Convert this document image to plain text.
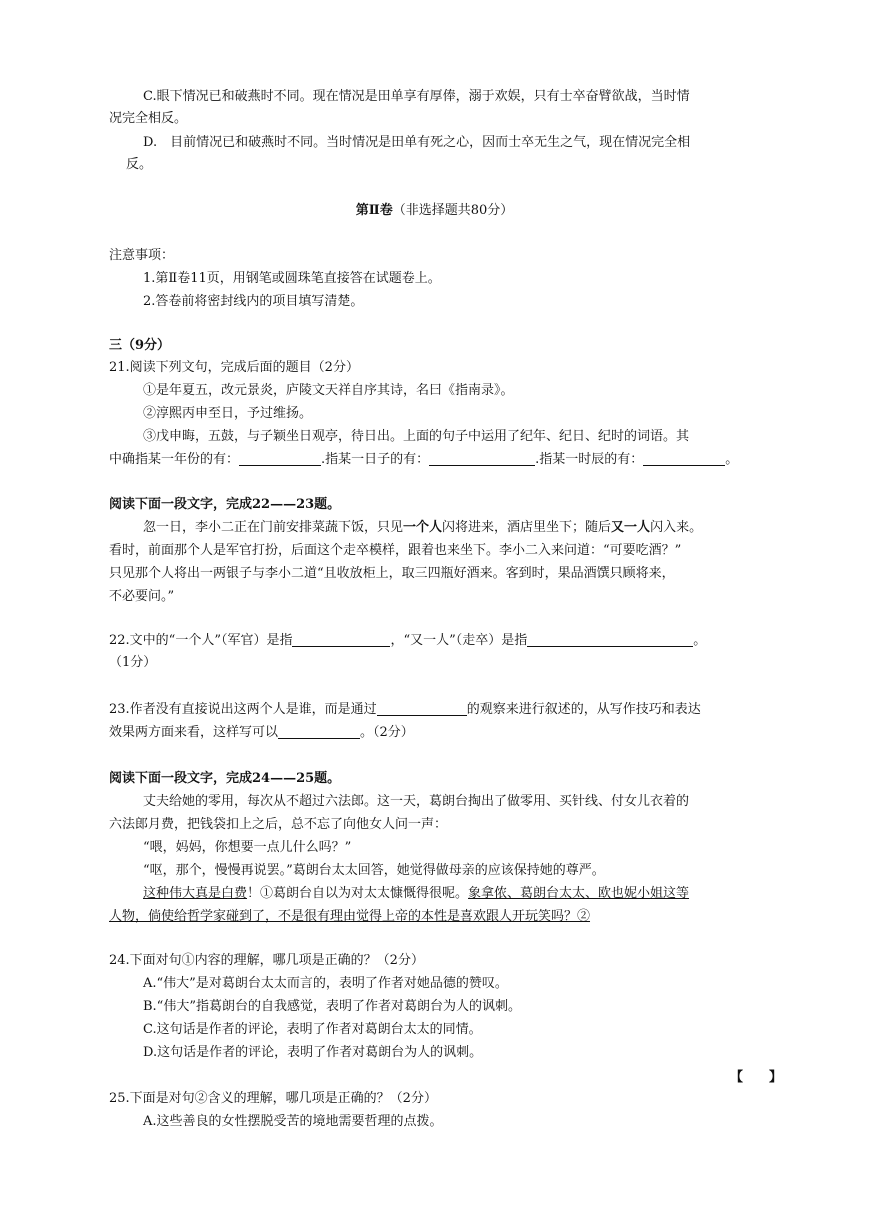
C.眼下情况已和破燕时不同。现在情况是田单享有厚俸，溺于欢娱，只有士卒奋臂欲战，当时情
况完全相反。
D.　目前情况已和破燕时不同。当时情况是田单有死之心，因而士卒无生之气，现在情况完全相
反。
第Ⅱ卷（非选择题共80分）
注意事项：
1.第Ⅱ卷11页，用钢笔或圆珠笔直接答在试题卷上。
2.答卷前将密封线内的项目填写清楚。
三（9分）
21.阅读下列文句，完成后面的题目（2分）
①是年夏五，改元景炎，庐陵文天祥自序其诗，名曰《指南录》。
②淳熙丙申至日，予过维扬。
③戊申晦，五鼓，与子颖坐日观亭，待日出。上面的句子中运用了纪年、纪日、纪时的词语。其
中确指某一年份的有：	.指某一日子的有：	.指某一时辰的有：	。
阅读下面一段文字，完成22——23题。
忽一日，李小二正在门前安排菜蔬下饭，只见一个人闪将进来，酒店里坐下；随后又一人闪入来。
看时，前面那个人是军官打扮，后面这个走卒模样，跟着也来坐下。李小二入来问道：“可要吃酒？”
只见那个人将出一两银子与李小二道“且收放柜上，取三四瓶好酒来。客到时，果品酒馔只顾将来，
不必要问。”
22.文中的“一个人”（军官）是指	，“又一人”（走卒）是指	。
（1分）
23.作者没有直接说出这两个人是谁，而是通过	的观察来进行叙述的，从写作技巧和表达
效果两方面来看，这样写可以	。（2分）
阅读下面一段文字，完成24——25题。
丈夫给她的零用，每次从不超过六法郎。这一天，葛朗台掏出了做零用、买针线、付女儿衣着的
六法郎月费，把钱袋扣上之后，总不忘了向他女人问一声：
“喂，妈妈，你想要一点儿什么吗？”
“呕，那个，慢慢再说罢。”葛朗台太太回答，她觉得做母亲的应该保持她的尊严。
这种伟大真是白费！①葛朗台自以为对太太慷慨得很呢。象拿侬、葛朗台太太、欧也妮小姐这等
人物，倘使给哲学家碰到了，不是很有理由觉得上帝的本性是喜欢跟人开玩笑吗？②
24.下面对句①内容的理解，哪几项是正确的？（2分）
A.“伟大”是对葛朗台太太而言的，表明了作者对她品德的赞叹。
B.“伟大”指葛朗台的自我感觉，表明了作者对葛朗台为人的讽刺。
C.这句话是作者的评论，表明了作者对葛朗台太太的同情。
D.这句话是作者的评论，表明了作者对葛朗台为人的讽刺。
【　　】
25.下面是对句②含义的理解，哪几项是正确的？（2分）
A.这些善良的女性摆脱受苦的境地需要哲理的点拨。
